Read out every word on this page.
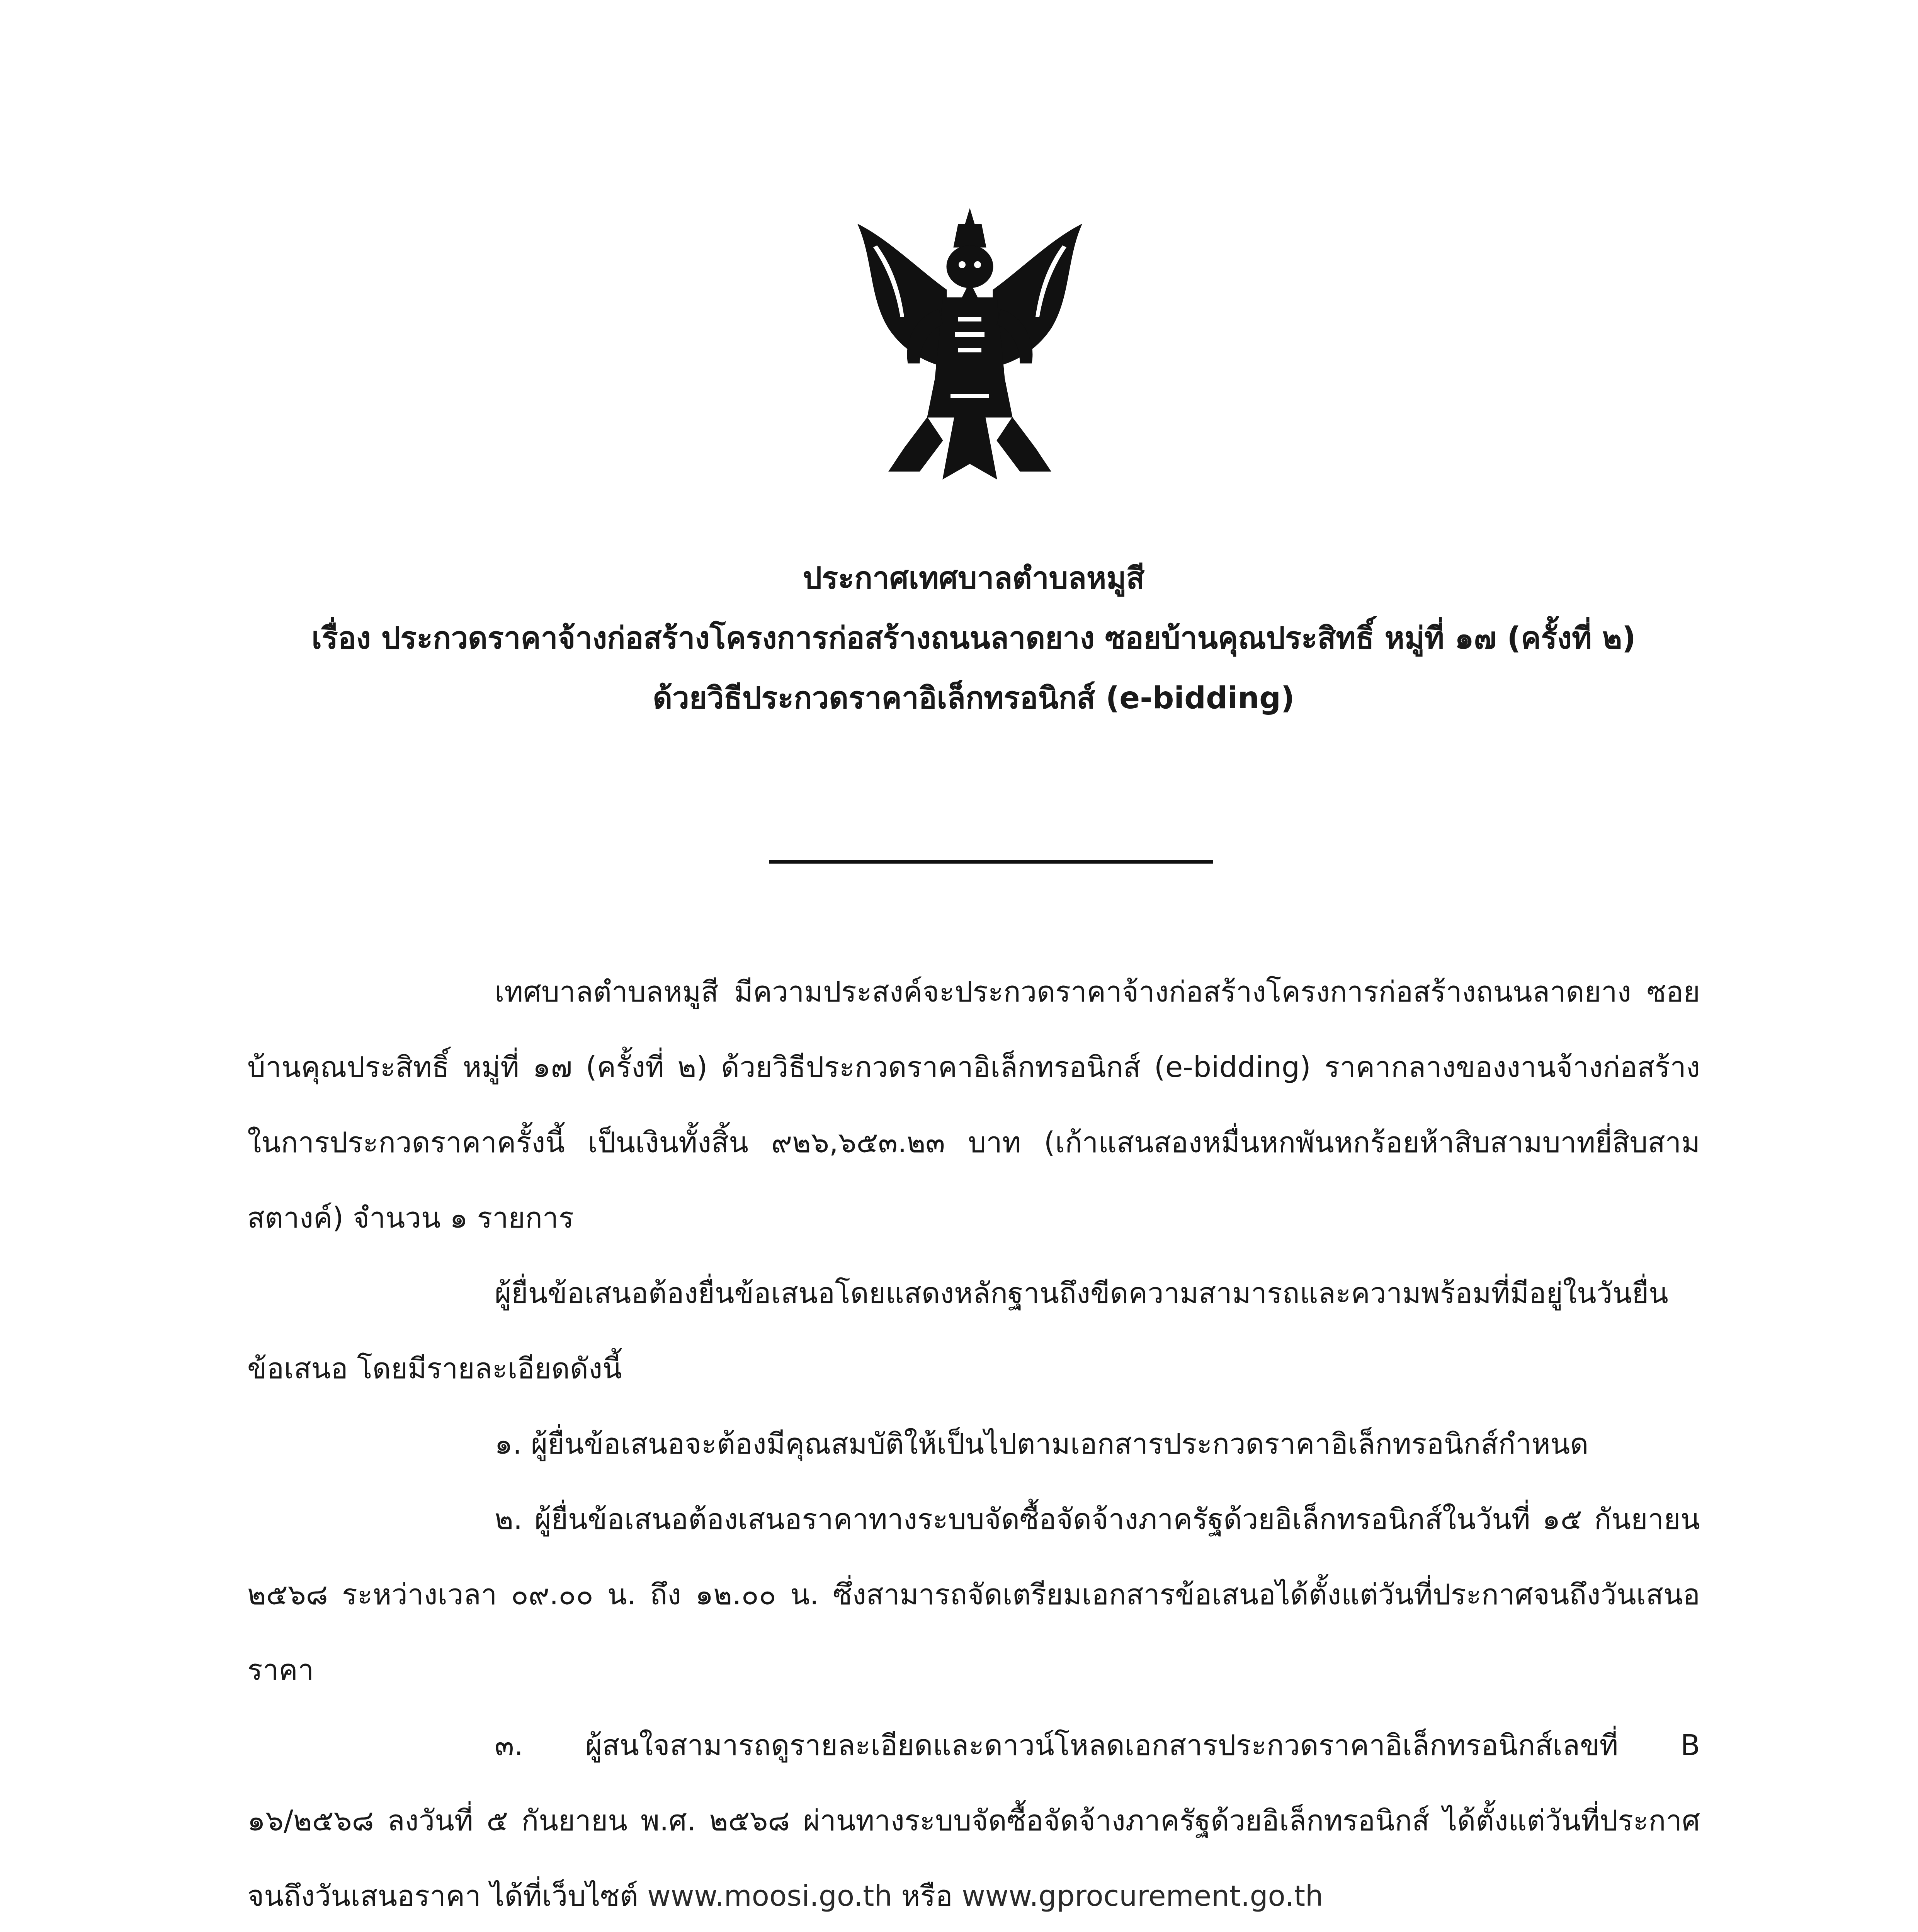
ประกาศเทศบาลตำบลหมูสี
เรื่อง ประกวดราคาจ้างก่อสร้างโครงการก่อสร้างถนนลาดยาง ซอยบ้านคุณประสิทธิ์ หมู่ที่ ๑๗ (ครั้งที่ ๒)
ด้วยวิธีประกวดราคาอิเล็กทรอนิกส์ (e-bidding)

เทศบาลตำบลหมูสี มีความประสงค์จะประกวดราคาจ้างก่อสร้างโครงการก่อสร้างถนนลาดยาง ซอยบ้านคุณประสิทธิ์ หมู่ที่ ๑๗ (ครั้งที่ ๒) ด้วยวิธีประกวดราคาอิเล็กทรอนิกส์ (e-bidding) ราคากลางของงานจ้างก่อสร้าง ในการประกวดราคาครั้งนี้ เป็นเงินทั้งสิ้น ๙๒๖,๖๕๓.๒๓ บาท (เก้าแสนสองหมื่นหกพันหกร้อยห้าสิบสามบาทยี่สิบสามสตางค์) จำนวน ๑ รายการ

ผู้ยื่นข้อเสนอต้องยื่นข้อเสนอโดยแสดงหลักฐานถึงขีดความสามารถและความพร้อมที่มีอยู่ในวันยื่นข้อเสนอ โดยมีรายละเอียดดังนี้

๑. ผู้ยื่นข้อเสนอจะต้องมีคุณสมบัติให้เป็นไปตามเอกสารประกวดราคาอิเล็กทรอนิกส์กำหนด

๒. ผู้ยื่นข้อเสนอต้องเสนอราคาทางระบบจัดซื้อจัดจ้างภาครัฐด้วยอิเล็กทรอนิกส์ในวันที่ ๑๕ กันยายน ๒๕๖๘ ระหว่างเวลา ๐๙.๐๐ น. ถึง ๑๒.๐๐ น. ซึ่งสามารถจัดเตรียมเอกสารข้อเสนอได้ตั้งแต่วันที่ประกาศจนถึงวันเสนอราคา

๓. ผู้สนใจสามารถดูรายละเอียดและดาวน์โหลดเอกสารประกวดราคาอิเล็กทรอนิกส์เลขที่ B ๑๖/๒๕๖๘ ลงวันที่ ๕ กันยายน พ.ศ. ๒๕๖๘ ผ่านทางระบบจัดซื้อจัดจ้างภาครัฐด้วยอิเล็กทรอนิกส์ ได้ตั้งแต่วันที่ประกาศจนถึงวันเสนอราคา ได้ที่เว็บไซต์ www.moosi.go.th หรือ www.gprocurement.go.th
